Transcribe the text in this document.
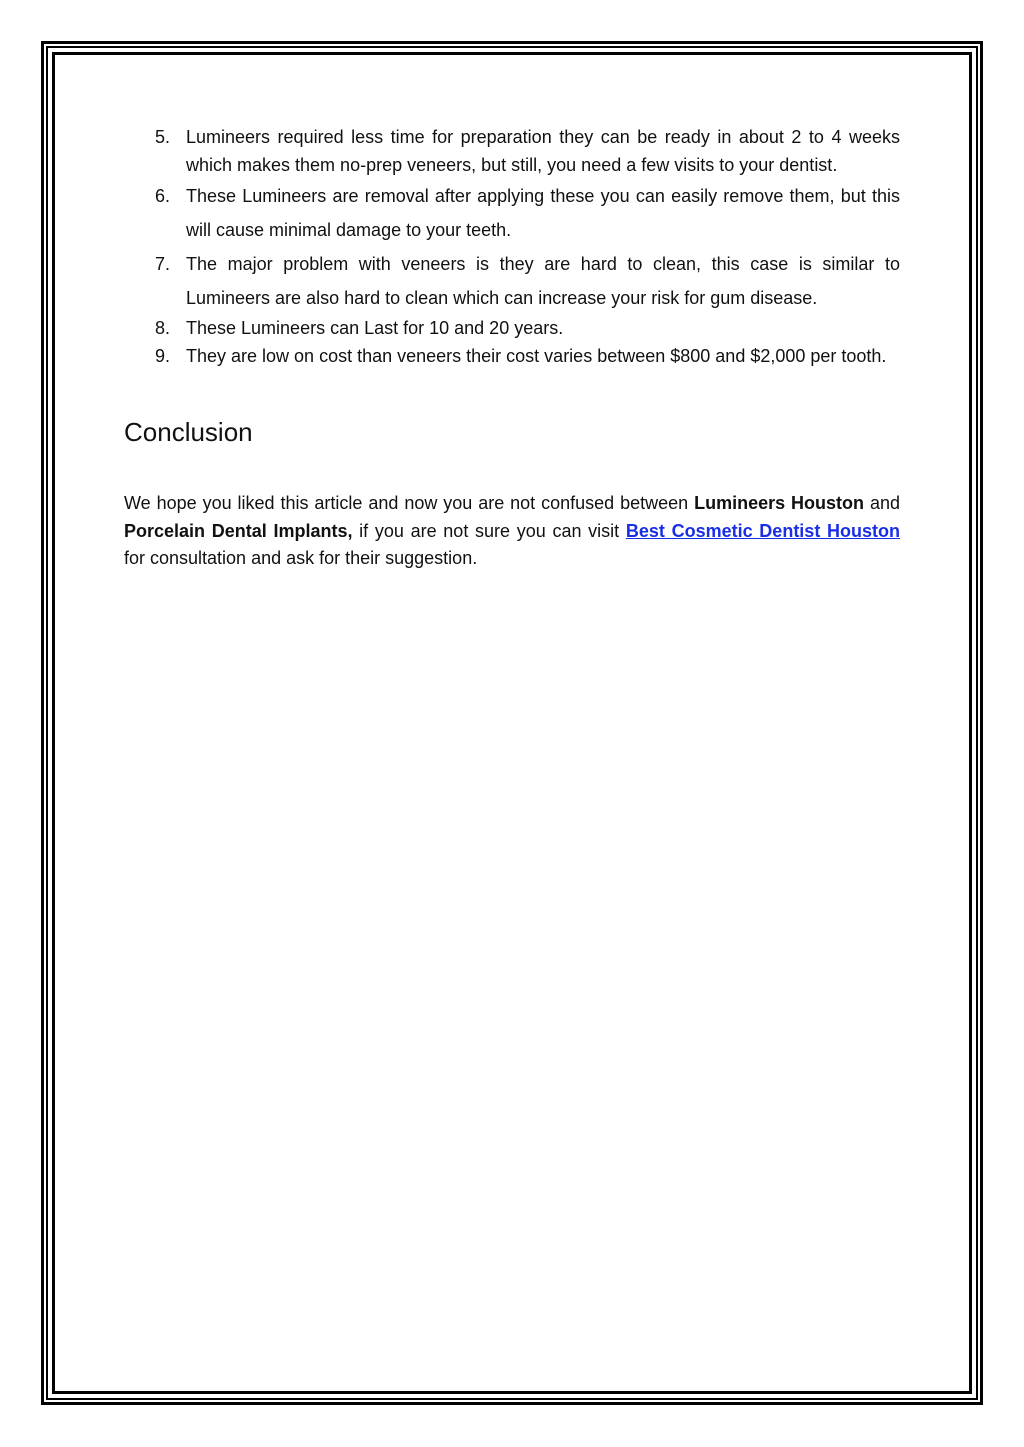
5. Lumineers required less time for preparation they can be ready in about 2 to 4 weeks which makes them no-prep veneers, but still, you need a few visits to your dentist.
6. These Lumineers are removal after applying these you can easily remove them, but this will cause minimal damage to your teeth.
7. The major problem with veneers is they are hard to clean, this case is similar to Lumineers are also hard to clean which can increase your risk for gum disease.
8. These Lumineers can Last for 10 and 20 years.
9. They are low on cost than veneers their cost varies between $800 and $2,000 per tooth.
Conclusion

We hope you liked this article and now you are not confused between Lumineers Houston and Porcelain Dental Implants, if you are not sure you can visit Best Cosmetic Dentist Houston for consultation and ask for their suggestion.
